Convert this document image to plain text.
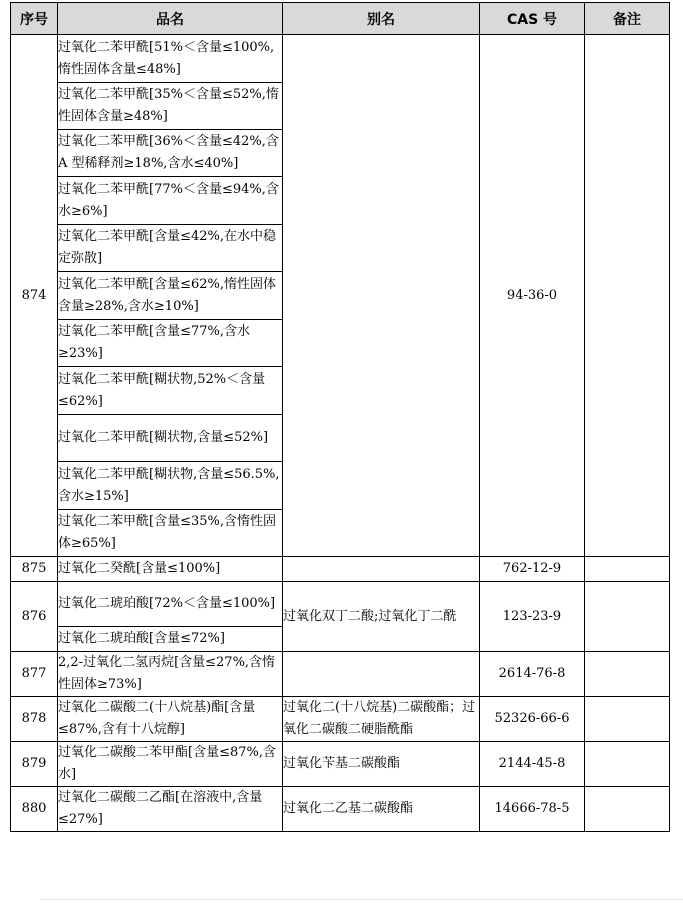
序号	品名	别名	CAS 号	备注
874	过氧化二苯甲酰[51%＜含量≤100%,惰性固体含量≤48%]		94-36-0	
	过氧化二苯甲酰[35%＜含量≤52%,惰性固体含量≥48%]			
	过氧化二苯甲酰[36%＜含量≤42%,含 A 型稀释剂≥18%,含水≤40%]			
	过氧化二苯甲酰[77%＜含量≤94%,含水≥6%]			
	过氧化二苯甲酰[含量≤42%,在水中稳定弥散]			
	过氧化二苯甲酰[含量≤62%,惰性固体含量≥28%,含水≥10%]			
	过氧化二苯甲酰[含量≤77%,含水≥23%]			
	过氧化二苯甲酰[糊状物,52%＜含量≤62%]			
	过氧化二苯甲酰[糊状物,含量≤52%]			
	过氧化二苯甲酰[糊状物,含量≤56.5%,含水≥15%]			
	过氧化二苯甲酰[含量≤35%,含惰性固体≥65%]			
875	过氧化二癸酰[含量≤100%]		762-12-9	
876	过氧化二琥珀酸[72%＜含量≤100%]	过氧化双丁二酸;过氧化丁二酰	123-23-9	
	过氧化二琥珀酸[含量≤72%]			
877	2,2-过氧化二氢丙烷[含量≤27%,含惰性固体≥73%]		2614-76-8	
878	过氧化二碳酸二(十八烷基)酯[含量≤87%,含有十八烷醇]	过氧化二(十八烷基)二碳酸酯；过氧化二碳酸二硬脂酰酯	52326-66-6	
879	过氧化二碳酸二苯甲酯[含量≤87%,含水]	过氧化苄基二碳酸酯	2144-45-8	
880	过氧化二碳酸二乙酯[在溶液中,含量≤27%]	过氧化二乙基二碳酸酯	14666-78-5	
